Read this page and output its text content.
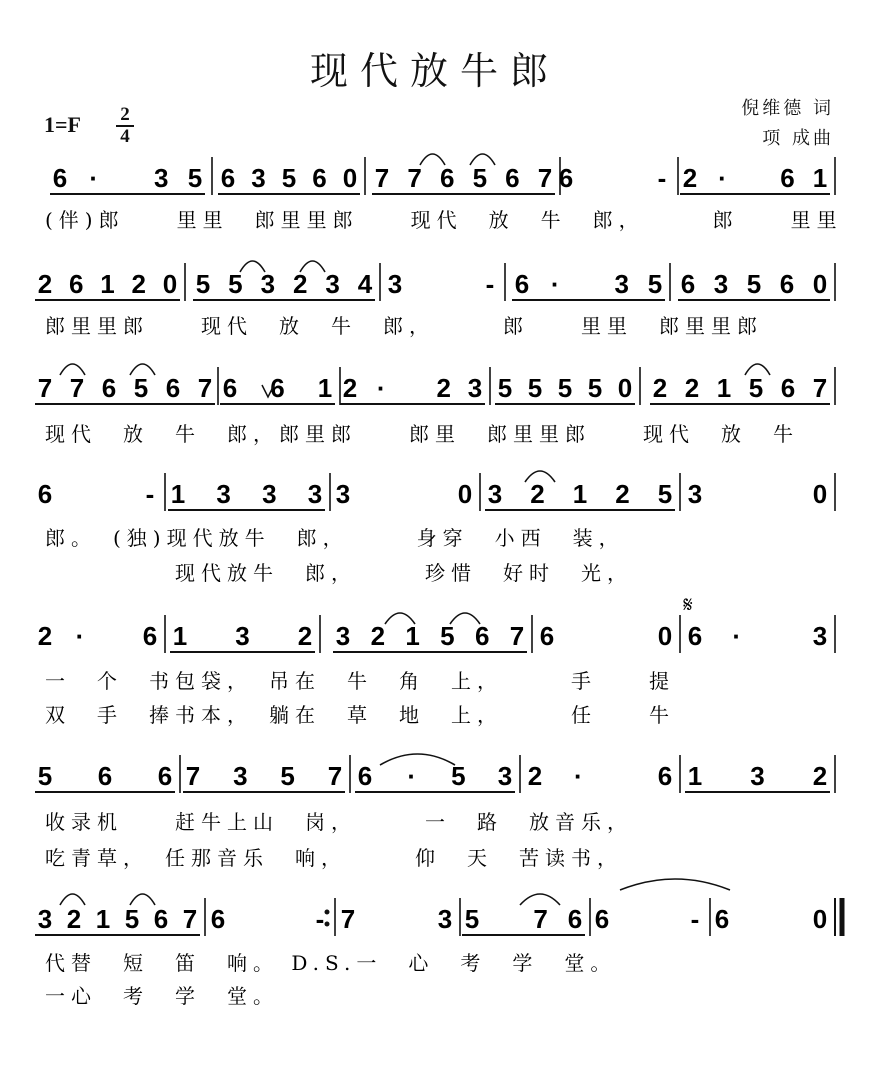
现代放牛郎
1=F 2
4
倪维德 词
项 成曲
6 · 3 5 6 3 5 6 0 7 7 6 5 6 7 6	- 2 · 6 1
(伴)郎　　里里　郎里里郎　　现代　放　牛　郎，　　　郎　　里里
2 6 1 2 0 5 5 3 2 3 4 3	- 6 · 3 5 6 3 5 6 0
郎里里郎　　现代　放　牛　郎，　　　郎　　里里　郎里里郎
7 7 6 5 6 7 6 6 1 2 · 2 3 5 5 5 5 0 2 2 1 5 6 7
现代　放　牛　郎，郎里郎　　郎里　郎里里郎　　现代　放　牛
6	- 1 3 3 3 3	0 3 2 1 2 5 3	0
郎。　(独)现代放牛　郎，　　　身穿　小西　装，
　　　　　现代放牛　郎，　　　珍惜　好时　光，
2 · 6 1 3 2 3 2 1 5 6 7 6	0 6 ·	3
一　个　书包袋，　吊在　牛　角　上，　　　手　　提
双　手　捧书本，　躺在　草　地　上，　　　任　　牛
5 6 6 7 3 5 7 6 · 5 3 2 ·	6 1 3 2
收录机　　赶牛上山　岗，　　　一　路　放音乐，
吃青草，　任那音乐　响，　　　仰　天　苦读书，
3 2 1 5 6 7 6	- 7	3 5 7 6 6	- 6	0
代替　短　笛　响。 D.S.一　心　考　学　堂。
一心　考　学　堂。
𝄋
